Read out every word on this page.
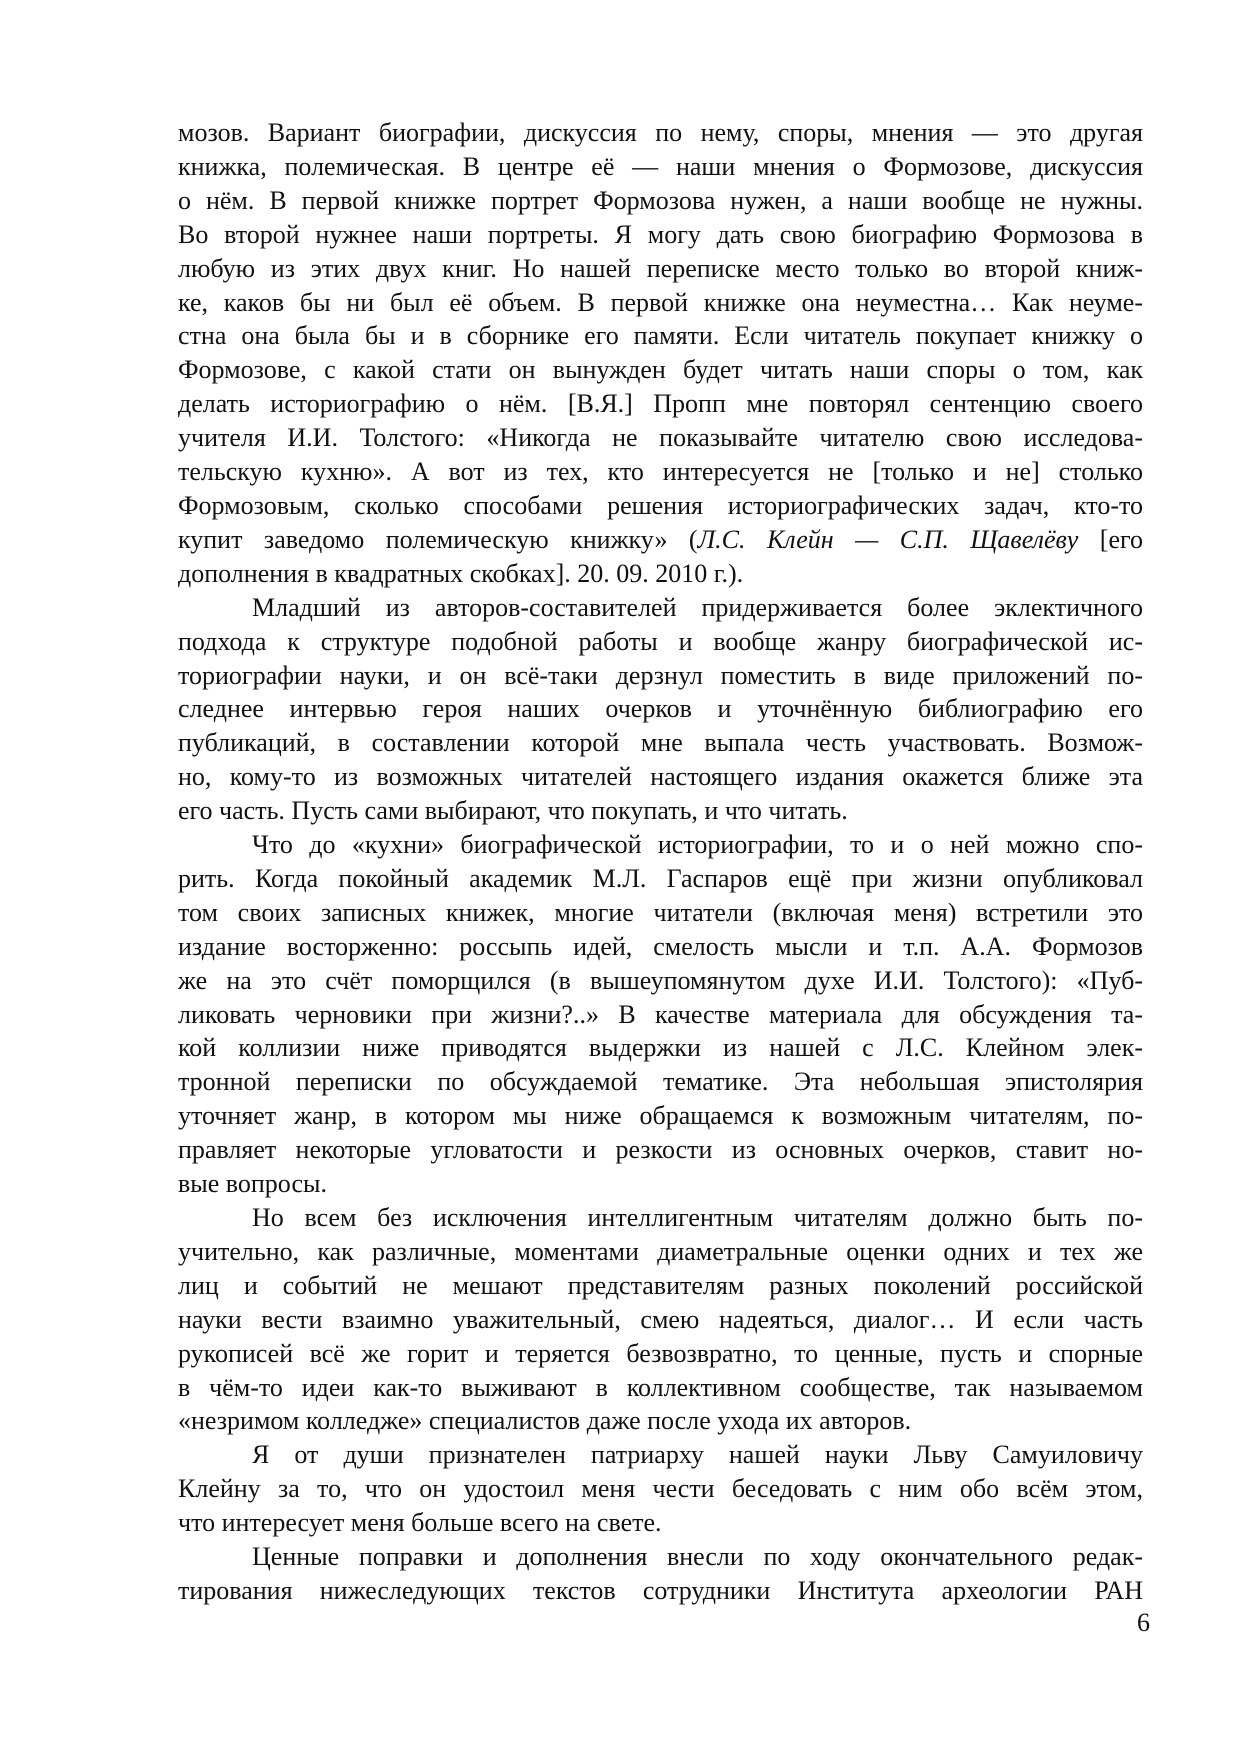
мозов. Вариант биографии, дискуссия по нему, споры, мнения — это другая
книжка, полемическая. В центре её — наши мнения о Формозове, дискуссия
о нём. В первой книжке портрет Формозова нужен, а наши вообще не нужны.
Во второй нужнее наши портреты. Я могу дать свою биографию Формозова в
любую из этих двух книг. Но нашей переписке место только во второй книж-
ке, каков бы ни был её объем. В первой книжке она неуместна… Как неуме-
стна она была бы и в сборнике его памяти. Если читатель покупает книжку о
Формозове, с какой стати он вынужден будет читать наши споры о том, как
делать историографию о нём. [В.Я.] Пропп мне повторял сентенцию своего
учителя И.И. Толстого: «Никогда не показывайте читателю свою исследова-
тельскую кухню». А вот из тех, кто интересуется не [только и не] столько
Формозовым, сколько способами решения историографических задач, кто-то
купит заведомо полемическую книжку» (Л.С. Клейн — С.П. Щавелёву [его
дополнения в квадратных скобках]. 20. 09. 2010 г.).

Младший из авторов-составителей придерживается более эклектичного
подхода к структуре подобной работы и вообще жанру биографической ис-
ториографии науки, и он всё-таки дерзнул поместить в виде приложений по-
следнее интервью героя наших очерков и уточнённую библиографию его
публикаций, в составлении которой мне выпала честь участвовать. Возмож-
но, кому-то из возможных читателей настоящего издания окажется ближе эта
его часть. Пусть сами выбирают, что покупать, и что читать.

Что до «кухни» биографической историографии, то и о ней можно спо-
рить. Когда покойный академик М.Л. Гаспаров ещё при жизни опубликовал
том своих записных книжек, многие читатели (включая меня) встретили это
издание восторженно: россыпь идей, смелость мысли и т.п. А.А. Формозов
же на это счёт поморщился (в вышеупомянутом духе И.И. Толстого): «Пуб-
ликовать черновики при жизни?..» В качестве материала для обсуждения та-
кой коллизии ниже приводятся выдержки из нашей с Л.С. Клейном элек-
тронной переписки по обсуждаемой тематике. Эта небольшая эпистолярия
уточняет жанр, в котором мы ниже обращаемся к возможным читателям, по-
правляет некоторые угловатости и резкости из основных очерков, ставит но-
вые вопросы.

Но всем без исключения интеллигентным читателям должно быть по-
учительно, как различные, моментами диаметральные оценки одних и тех же
лиц и событий не мешают представителям разных поколений российской
науки вести взаимно уважительный, смею надеяться, диалог… И если часть
рукописей всё же горит и теряется безвозвратно, то ценные, пусть и спорные
в чём-то идеи как-то выживают в коллективном сообществе, так называемом
«незримом колледже» специалистов даже после ухода их авторов.

Я от души признателен патриарху нашей науки Льву Самуиловичу
Клейну за то, что он удостоил меня чести беседовать с ним обо всём этом,
что интересует меня больше всего на свете.

Ценные поправки и дополнения внесли по ходу окончательного редак-
тирования нижеследующих текстов сотрудники Института археологии РАН

6
